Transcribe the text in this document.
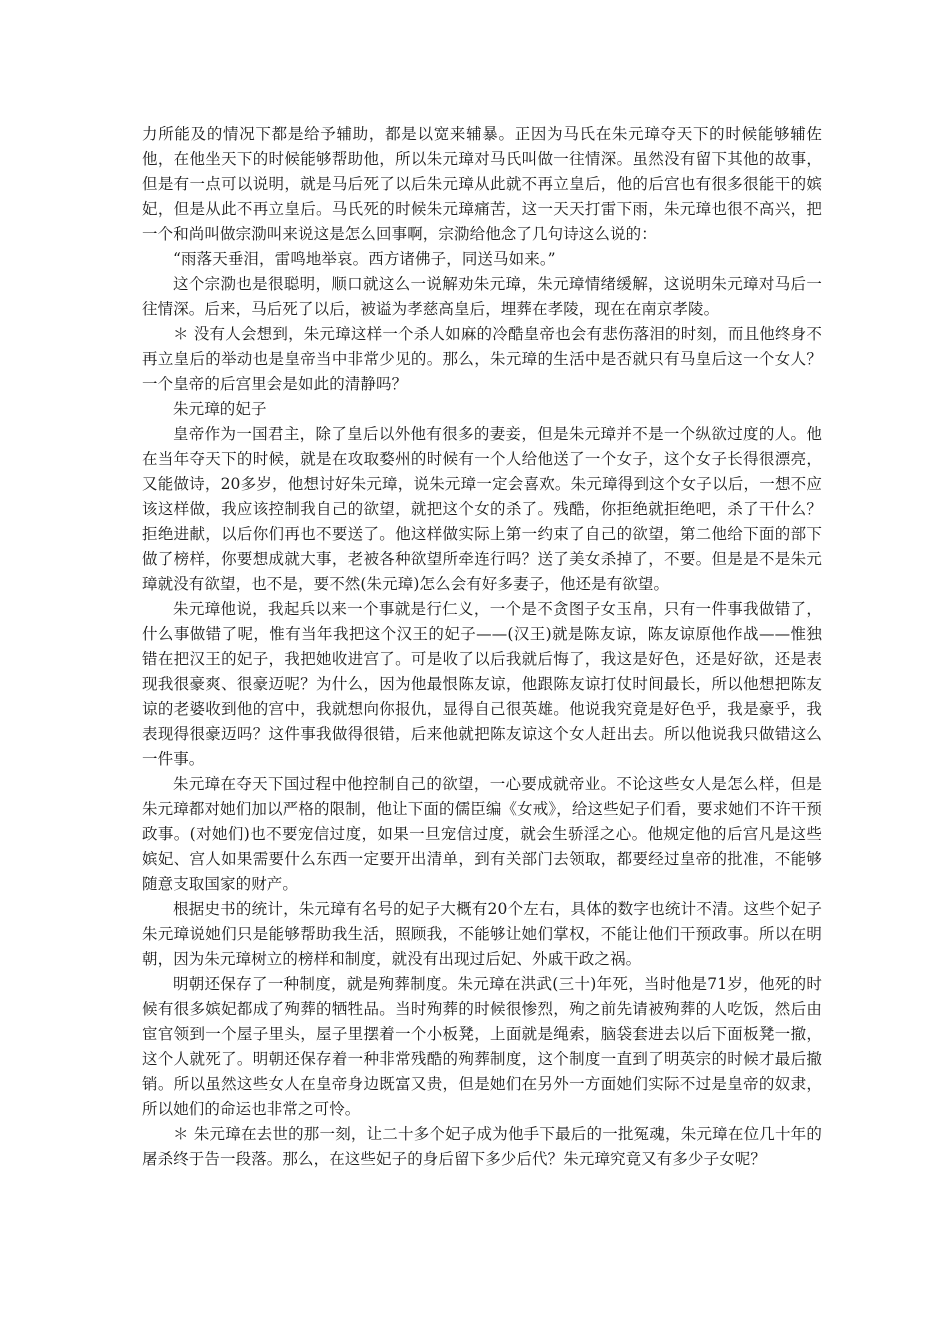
力所能及的情况下都是给予辅助，都是以宽来辅暴。正因为马氏在朱元璋夺天下的时候能够辅佐他，在他坐天下的时候能够帮助他，所以朱元璋对马氏叫做一往情深。虽然没有留下其他的故事，但是有一点可以说明，就是马后死了以后朱元璋从此就不再立皇后，他的后宫也有很多很能干的嫔妃，但是从此不再立皇后。马氏死的时候朱元璋痛苦，这一天天打雷下雨，朱元璋也很不高兴，把一个和尚叫做宗泐叫来说这是怎么回事啊，宗泐给他念了几句诗这么说的：

“雨落天垂泪，雷鸣地举哀。西方诸佛子，同送马如来。”

这个宗泐也是很聪明，顺口就这么一说解劝朱元璋，朱元璋情绪缓解，这说明朱元璋对马后一往情深。后来，马后死了以后，被谥为孝慈高皇后，埋葬在孝陵，现在在南京孝陵。

＊ 没有人会想到，朱元璋这样一个杀人如麻的冷酷皇帝也会有悲伤落泪的时刻，而且他终身不再立皇后的举动也是皇帝当中非常少见的。那么，朱元璋的生活中是否就只有马皇后这一个女人？一个皇帝的后宫里会是如此的清静吗？

朱元璋的妃子

皇帝作为一国君主，除了皇后以外他有很多的妻妾，但是朱元璋并不是一个纵欲过度的人。他在当年夺天下的时候，就是在攻取婺州的时候有一个人给他送了一个女子，这个女子长得很漂亮，又能做诗，20多岁，他想讨好朱元璋，说朱元璋一定会喜欢。朱元璋得到这个女子以后，一想不应该这样做，我应该控制我自己的欲望，就把这个女的杀了。残酷，你拒绝就拒绝吧，杀了干什么？拒绝进献，以后你们再也不要送了。他这样做实际上第一约束了自己的欲望，第二他给下面的部下做了榜样，你要想成就大事，老被各种欲望所牵连行吗？送了美女杀掉了，不要。但是是不是朱元璋就没有欲望，也不是，要不然(朱元璋)怎么会有好多妻子，他还是有欲望。

朱元璋他说，我起兵以来一个事就是行仁义，一个是不贪图子女玉帛，只有一件事我做错了，什么事做错了呢，惟有当年我把这个汉王的妃子——(汉王)就是陈友谅，陈友谅原他作战——惟独错在把汉王的妃子，我把她收进宫了。可是收了以后我就后悔了，我这是好色，还是好欲，还是表现我很豪爽、很豪迈呢？为什么，因为他最恨陈友谅，他跟陈友谅打仗时间最长，所以他想把陈友谅的老婆收到他的宫中，我就想向你报仇，显得自己很英雄。他说我究竟是好色乎，我是豪乎，我表现得很豪迈吗？这件事我做得很错，后来他就把陈友谅这个女人赶出去。所以他说我只做错这么一件事。

朱元璋在夺天下国过程中他控制自己的欲望，一心要成就帝业。不论这些女人是怎么样，但是朱元璋都对她们加以严格的限制，他让下面的儒臣编《女戒》，给这些妃子们看，要求她们不许干预政事。(对她们)也不要宠信过度，如果一旦宠信过度，就会生骄淫之心。他规定他的后宫凡是这些嫔妃、宫人如果需要什么东西一定要开出清单，到有关部门去领取，都要经过皇帝的批准，不能够随意支取国家的财产。

根据史书的统计，朱元璋有名号的妃子大概有20个左右，具体的数字也统计不清。这些个妃子朱元璋说她们只是能够帮助我生活，照顾我，不能够让她们掌权，不能让他们干预政事。所以在明朝，因为朱元璋树立的榜样和制度，就没有出现过后妃、外戚干政之祸。

明朝还保存了一种制度，就是殉葬制度。朱元璋在洪武(三十)年死，当时他是71岁，他死的时候有很多嫔妃都成了殉葬的牺牲品。当时殉葬的时候很惨烈，殉之前先请被殉葬的人吃饭，然后由宦官领到一个屋子里头，屋子里摆着一个小板凳，上面就是绳索，脑袋套进去以后下面板凳一撤，这个人就死了。明朝还保存着一种非常残酷的殉葬制度，这个制度一直到了明英宗的时候才最后撤销。所以虽然这些女人在皇帝身边既富又贵，但是她们在另外一方面她们实际不过是皇帝的奴隶，所以她们的命运也非常之可怜。

＊ 朱元璋在去世的那一刻，让二十多个妃子成为他手下最后的一批冤魂，朱元璋在位几十年的屠杀终于告一段落。那么，在这些妃子的身后留下多少后代？朱元璋究竟又有多少子女呢？
